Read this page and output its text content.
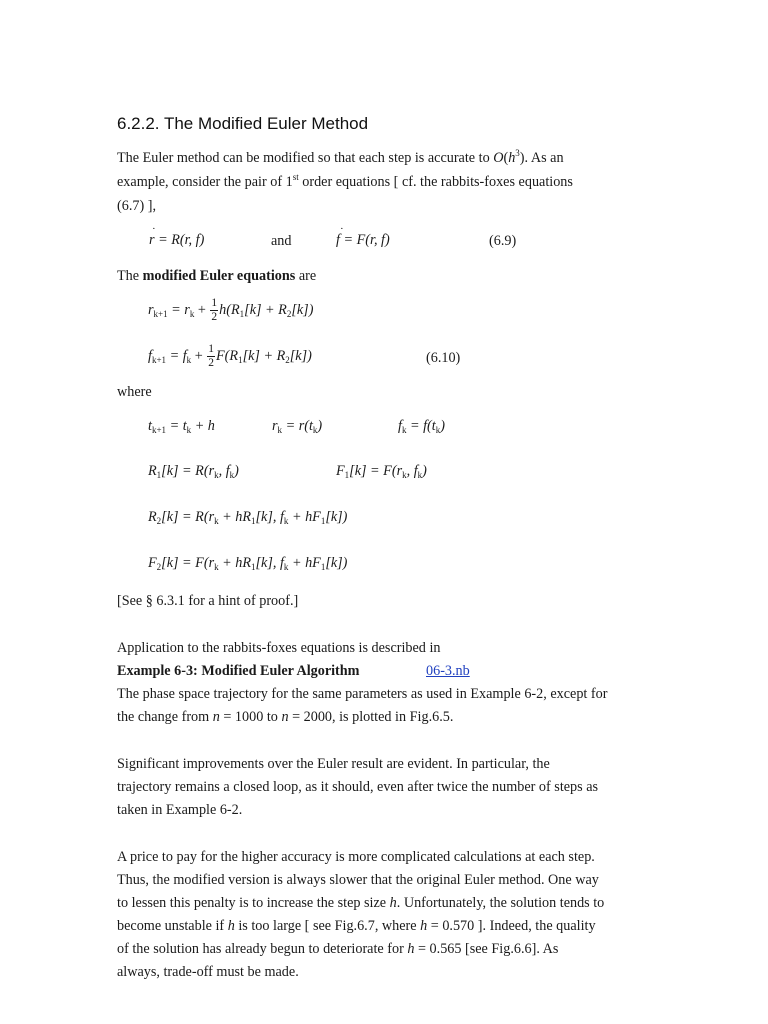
6.2.2. The Modified Euler Method
The Euler method can be modified so that each step is accurate to $O(h^3)$. As an
example, consider the pair of 1st order equations [ cf. the rabbits-foxes equations
(6.7) ],
·
r = R(r, f)	and
·
f = F(r, f)	(6.9)
The modified Euler equations are
$r_{k+1} = r_k + \frac{1}{2} h(R_1[k] + R_2[k])$
$f_{k+1} = f_k + \frac{1}{2} F(R_1[k] + R_2[k])$	(6.10)
where
$t_{k+1} = t_k + h$	$r_k = r(t_k)$	$f_k = f(t_k)$
$R_1[k] = R(r_k$, $f_k$)	$F_1[k] = F(r_k$, $f_k$)
$R_2[k] = R(r_k + hR_1[k]$, $f_k + hF_1[k]$)
$F_2[k] = F(r_k + hR_1[k]$, $f_k + hF_1[k]$)
[See § 6.3.1 for a hint of proof.]
Application to the rabbits-foxes equations is described in
Example 6-3: Modified Euler Algorithm	06-3.nb
The phase space trajectory for the same parameters as used in Example 6-2, except for
the change from n = 1000 to n = 2000, is plotted in Fig.6.5.
Significant improvements over the Euler result are evident. In particular, the
trajectory remains a closed loop, as it should, even after twice the number of steps as
taken in Example 6-2.
A price to pay for the higher accuracy is more complicated calculations at each step.
Thus, the modified version is always slower that the original Euler method. One way
to lessen this penalty is to increase the step size h. Unfortunately, the solution tends to
become unstable if h is too large [ see Fig.6.7, where h = 0.570 ]. Indeed, the quality
of the solution has already begun to deteriorate for h = 0.565 [see Fig.6.6]. As
always, trade-off must be made.
